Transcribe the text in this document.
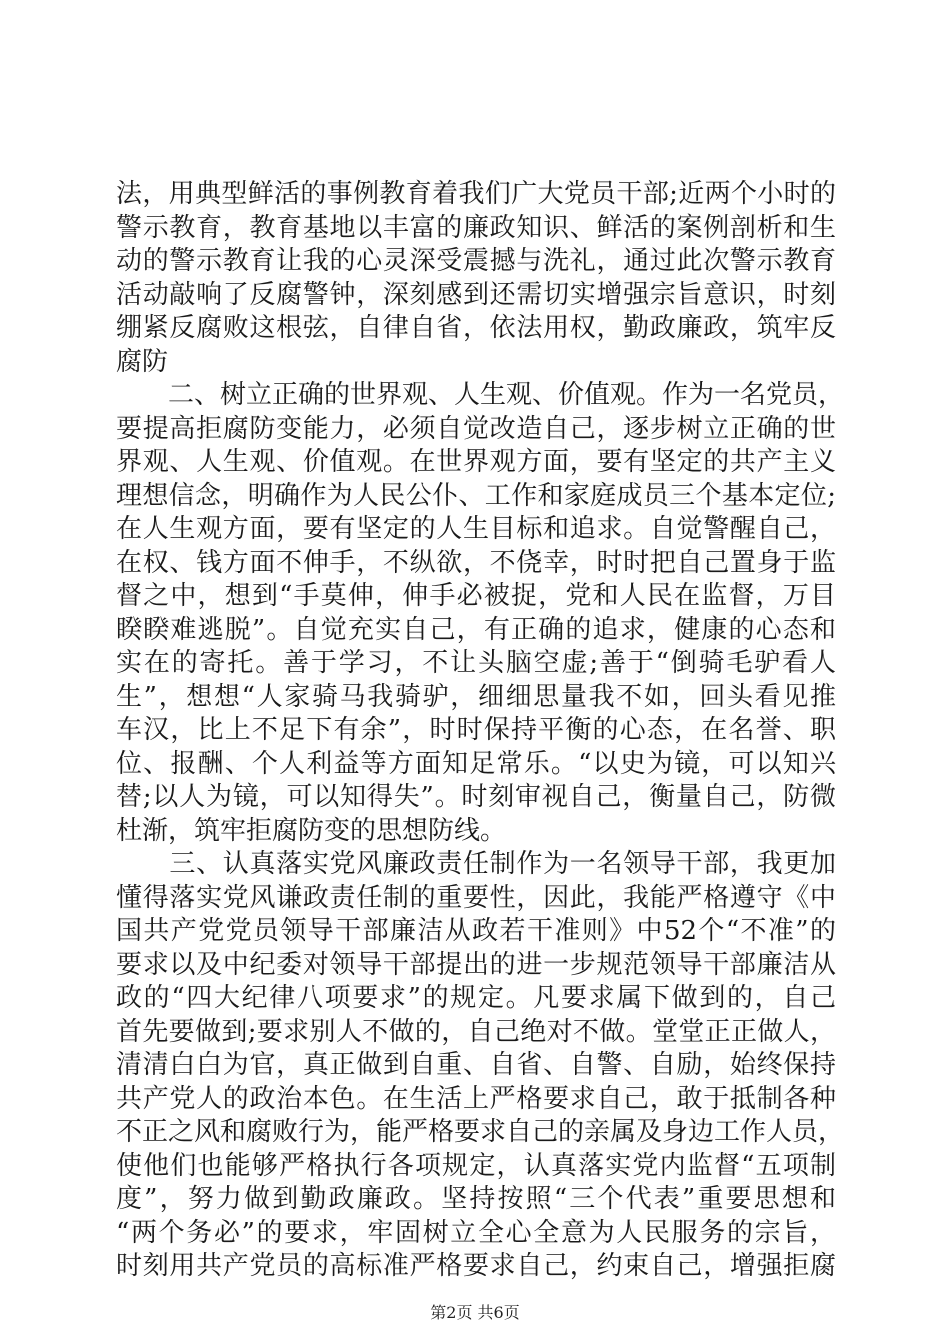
法，用典型鲜活的事例教育着我们广大党员干部;近两个小时的
警示教育，教育基地以丰富的廉政知识、鲜活的案例剖析和生
动的警示教育让我的心灵深受震撼与洗礼，通过此次警示教育
活动敲响了反腐警钟，深刻感到还需切实增强宗旨意识，时刻
绷紧反腐败这根弦，自律自省，依法用权，勤政廉政，筑牢反
腐防
　　二、树立正确的世界观、人生观、价值观。作为一名党员，
要提高拒腐防变能力，必须自觉改造自己，逐步树立正确的世
界观、人生观、价值观。在世界观方面，要有坚定的共产主义
理想信念，明确作为人民公仆、工作和家庭成员三个基本定位;
在人生观方面，要有坚定的人生目标和追求。自觉警醒自己，
在权、钱方面不伸手，不纵欲，不侥幸，时时把自己置身于监
督之中，想到“手莫伸，伸手必被捉，党和人民在监督，万目
睽睽难逃脱”。自觉充实自己，有正确的追求，健康的心态和
实在的寄托。善于学习，不让头脑空虚;善于“倒骑毛驴看人
生”，想想“人家骑马我骑驴，细细思量我不如，回头看见推
车汉，比上不足下有余”，时时保持平衡的心态，在名誉、职
位、报酬、个人利益等方面知足常乐。“以史为镜，可以知兴
替;以人为镜，可以知得失”。时刻审视自己，衡量自己，防微
杜渐，筑牢拒腐防变的思想防线。
　　三、认真落实党风廉政责任制作为一名领导干部，我更加
懂得落实党风谦政责任制的重要性，因此，我能严格遵守《中
国共产党党员领导干部廉洁从政若干准则》中52个“不准”的
要求以及中纪委对领导干部提出的进一步规范领导干部廉洁从
政的“四大纪律八项要求”的规定。凡要求属下做到的，自己
首先要做到;要求别人不做的，自己绝对不做。堂堂正正做人，
清清白白为官，真正做到自重、自省、自警、自励，始终保持
共产党人的政治本色。在生活上严格要求自己，敢于抵制各种
不正之风和腐败行为，能严格要求自己的亲属及身边工作人员，
使他们也能够严格执行各项规定，认真落实党内监督“五项制
度”，努力做到勤政廉政。坚持按照“三个代表”重要思想和
“两个务必”的要求，牢固树立全心全意为人民服务的宗旨，
时刻用共产党员的高标准严格要求自己，约束自己，增强拒腐
第2页 共6页
